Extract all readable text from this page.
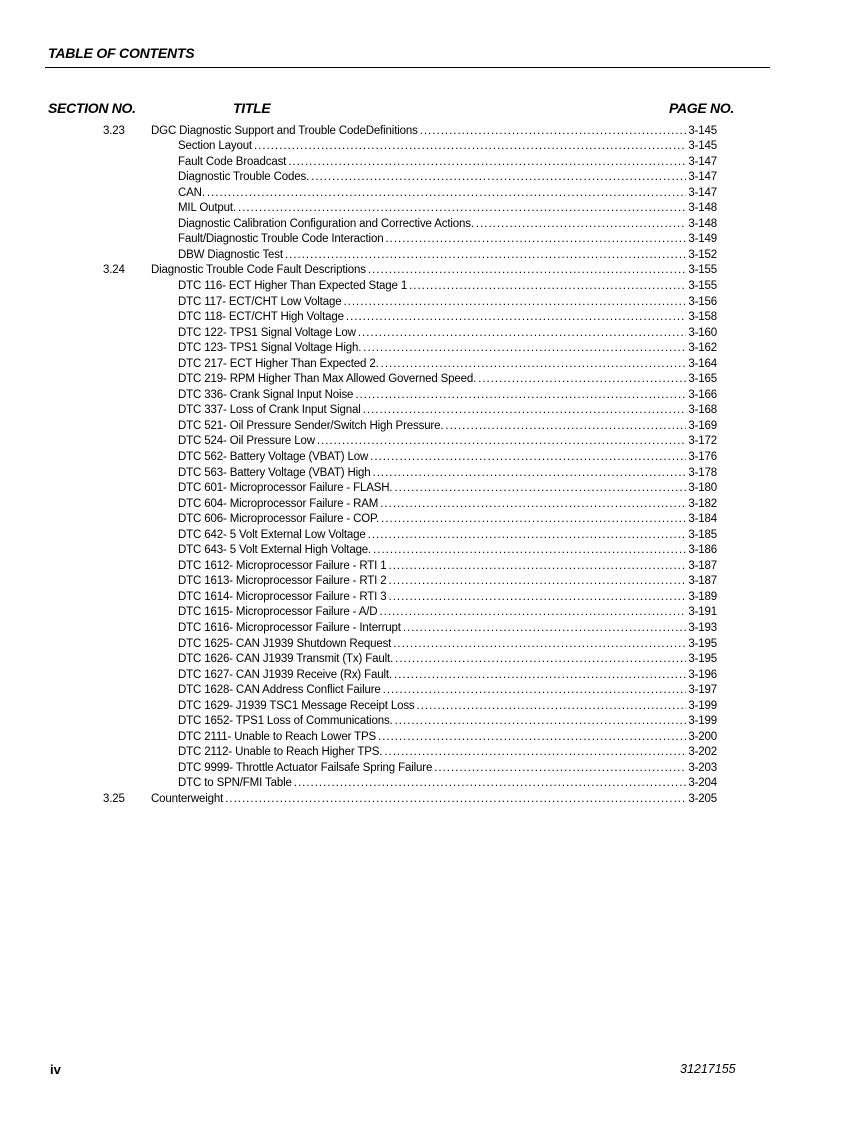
TABLE OF CONTENTS
SECTION NO.	TITLE	PAGE NO.
3.23 DGC Diagnostic Support and Trouble CodeDefinitions . . .	3-145
Section Layout . . .	3-145
Fault Code Broadcast . . .	3-147
Diagnostic Trouble Codes. . . .	3-147
CAN. . . .	3-147
MIL Output. . . .	3-148
Diagnostic Calibration Configuration and Corrective Actions. . . .	3-148
Fault/Diagnostic Trouble Code Interaction . . .	3-149
DBW Diagnostic Test . . .	3-152
3.24 Diagnostic Trouble Code Fault Descriptions . . .	3-155
DTC 116- ECT Higher Than Expected Stage 1 . . .	3-155
DTC 117- ECT/CHT Low Voltage . . .	3-156
DTC 118- ECT/CHT High Voltage . . .	3-158
DTC 122- TPS1 Signal Voltage Low . . .	3-160
DTC 123- TPS1 Signal Voltage High. . . .	3-162
DTC 217- ECT Higher Than Expected 2. . . .	3-164
DTC 219- RPM Higher Than Max Allowed Governed Speed. . . .	3-165
DTC 336- Crank Signal Input Noise . . .	3-166
DTC 337- Loss of Crank Input Signal . . .	3-168
DTC 521- Oil Pressure Sender/Switch High Pressure. . . .	3-169
DTC 524- Oil Pressure Low . . .	3-172
DTC 562- Battery Voltage (VBAT) Low . . .	3-176
DTC 563- Battery Voltage (VBAT) High . . .	3-178
DTC 601- Microprocessor Failure - FLASH. . . .	3-180
DTC 604- Microprocessor Failure - RAM . . .	3-182
DTC 606- Microprocessor Failure - COP. . . .	3-184
DTC 642- 5 Volt External Low Voltage . . .	3-185
DTC 643- 5 Volt External High Voltage. . . .	3-186
DTC 1612- Microprocessor Failure - RTI 1 . . .	3-187
DTC 1613- Microprocessor Failure - RTI 2 . . .	3-187
DTC 1614- Microprocessor Failure - RTI 3 . . .	3-189
DTC 1615- Microprocessor Failure - A/D . . .	3-191
DTC 1616- Microprocessor Failure - Interrupt . . .	3-193
DTC 1625- CAN J1939 Shutdown Request . . .	3-195
DTC 1626- CAN J1939 Transmit (Tx) Fault. . . .	3-195
DTC 1627- CAN J1939 Receive (Rx) Fault. . . .	3-196
DTC 1628- CAN Address Conflict Failure . . .	3-197
DTC 1629- J1939 TSC1 Message Receipt Loss . . .	3-199
DTC 1652- TPS1 Loss of Communications. . . .	3-199
DTC 2111- Unable to Reach Lower TPS . . .	3-200
DTC 2112- Unable to Reach Higher TPS. . . .	3-202
DTC 9999- Throttle Actuator Failsafe Spring Failure . . .	3-203
DTC to SPN/FMI Table . . .	3-204
3.25 Counterweight . . .	3-205
iv	31217155
